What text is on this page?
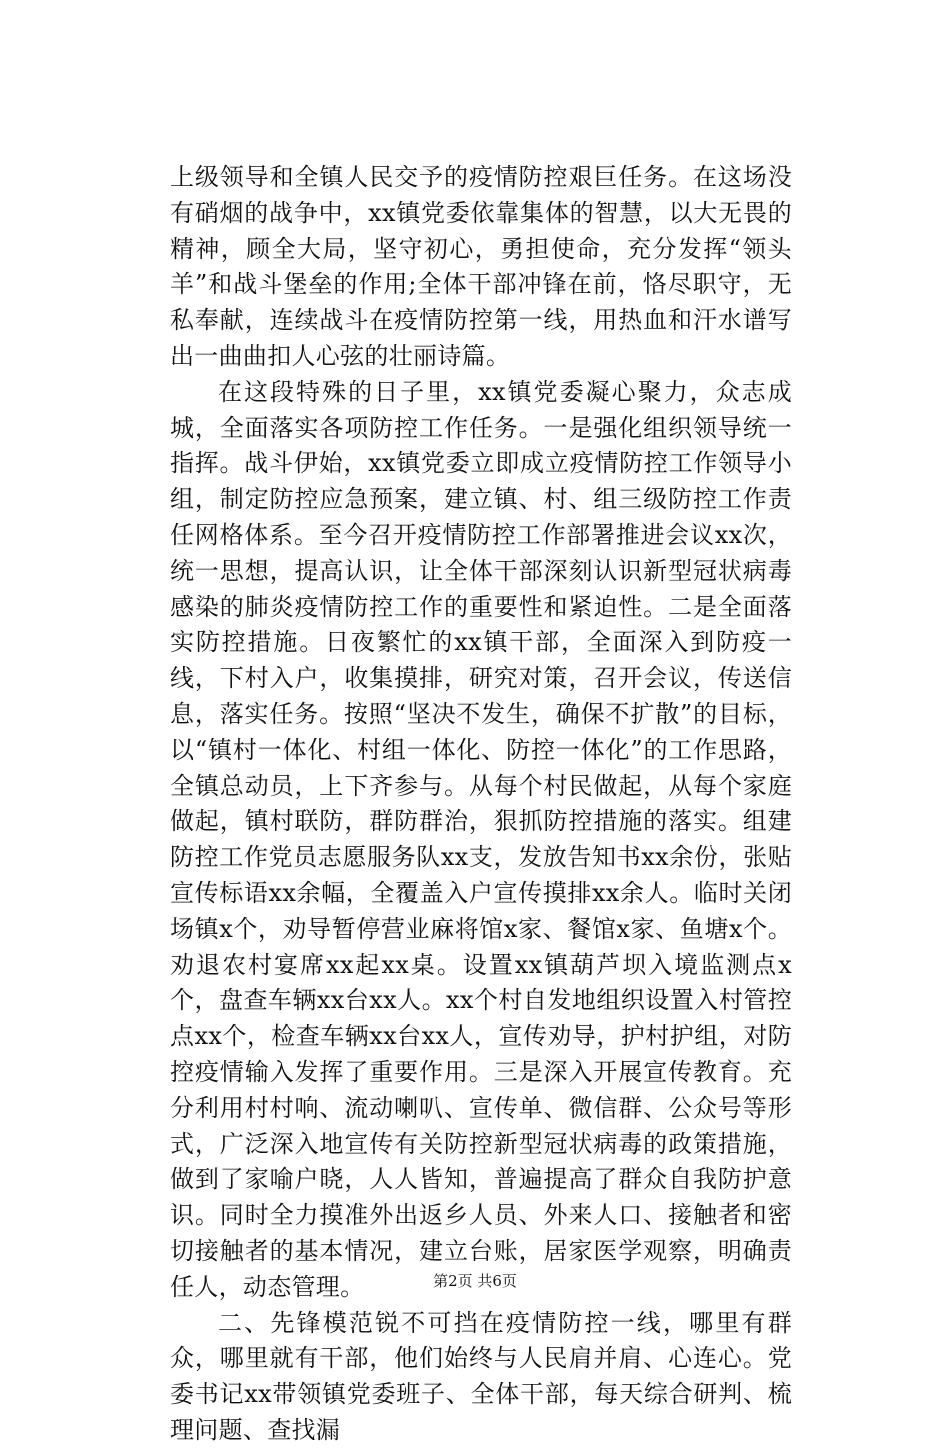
上级领导和全镇人民交予的疫情防控艰巨任务。在这场没有硝烟的战争中，xx镇党委依靠集体的智慧，以大无畏的精神，顾全大局，坚守初心，勇担使命，充分发挥“领头羊”和战斗堡垒的作用;全体干部冲锋在前，恪尽职守，无私奉献，连续战斗在疫情防控第一线，用热血和汗水谱写出一曲曲扣人心弦的壮丽诗篇。

在这段特殊的日子里，xx镇党委凝心聚力，众志成城，全面落实各项防控工作任务。一是强化组织领导统一指挥。战斗伊始，xx镇党委立即成立疫情防控工作领导小组，制定防控应急预案，建立镇、村、组三级防控工作责任网格体系。至今召开疫情防控工作部署推进会议xx次，统一思想，提高认识，让全体干部深刻认识新型冠状病毒感染的肺炎疫情防控工作的重要性和紧迫性。二是全面落实防控措施。日夜繁忙的xx镇干部，全面深入到防疫一线，下村入户，收集摸排，研究对策，召开会议，传送信息，落实任务。按照“坚决不发生，确保不扩散”的目标，以“镇村一体化、村组一体化、防控一体化”的工作思路，全镇总动员，上下齐参与。从每个村民做起，从每个家庭做起，镇村联防，群防群治，狠抓防控措施的落实。组建防控工作党员志愿服务队xx支，发放告知书xx余份，张贴宣传标语xx余幅，全覆盖入户宣传摸排xx余人。临时关闭场镇x个，劝导暂停营业麻将馆x家、餐馆x家、鱼塘x个。劝退农村宴席xx起xx桌。设置xx镇葫芦坝入境监测点x个，盘查车辆xx台xx人。xx个村自发地组织设置入村管控点xx个，检查车辆xx台xx人，宣传劝导，护村护组，对防控疫情输入发挥了重要作用。三是深入开展宣传教育。充分利用村村响、流动喇叭、宣传单、微信群、公众号等形式，广泛深入地宣传有关防控新型冠状病毒的政策措施，做到了家喻户晓，人人皆知，普遍提高了群众自我防护意识。同时全力摸准外出返乡人员、外来人口、接触者和密切接触者的基本情况，建立台账，居家医学观察，明确责任人，动态管理。

二、先锋模范锐不可挡在疫情防控一线，哪里有群众，哪里就有干部，他们始终与人民肩并肩、心连心。党委书记xx带领镇党委班子、全体干部，每天综合研判、梳理问题、查找漏

第2页 共6页
